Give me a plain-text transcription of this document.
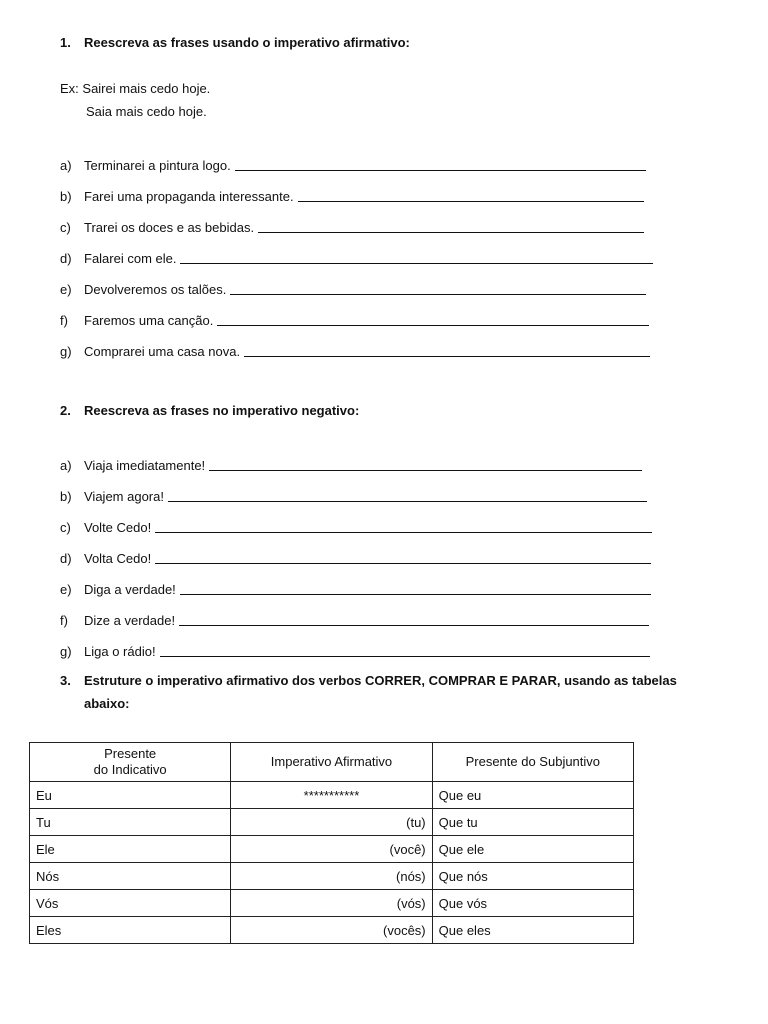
1. Reescreva as frases usando o imperativo afirmativo:
Ex: Sairei mais cedo hoje.
Saia mais cedo hoje.
a) Terminarei a pintura logo.
b) Farei uma propaganda interessante.
c)	Trarei os doces e as bebidas.
d) Falarei com ele.
e) Devolveremos os talões.
f)	Faremos uma canção.
g) Comprarei uma casa nova.
2. Reescreva as frases no imperativo negativo:
a) Viaja imediatamente!
b) Viajem agora!
c)	Volte Cedo!
d) Volta Cedo!
e) Diga a verdade!
f)	Dize a verdade!
g) Liga o rádio!
3. Estruture o imperativo afirmativo dos verbos CORRER, COMPRAR E PARAR, usando as tabelas
abaixo:
Presente
do Indicativo	Imperativo Afirmativo	Presente do Subjuntivo
Eu	***********	Que eu
Tu	(tu)	Que tu
Ele	(você)	Que ele
Nós	(nós)	Que nós
Vós	(vós)	Que vós
Eles	(vocês)	Que eles
